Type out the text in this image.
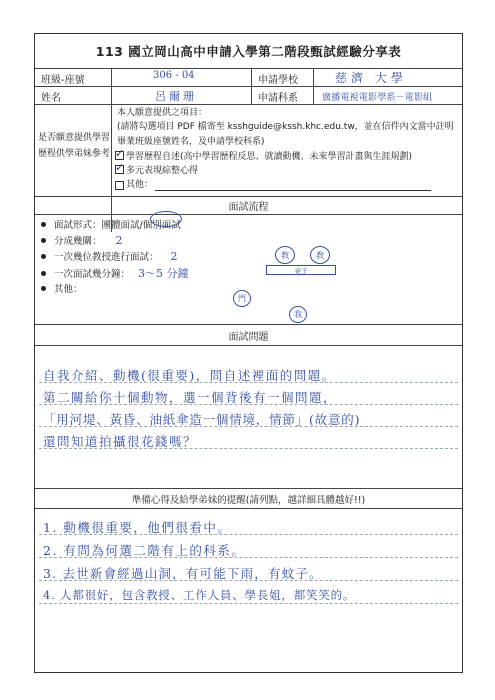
113 國立岡山高中申請入學第二階段甄試經驗分享表
班級-座號	306 - 04	申請學校	慈濟 大學
姓名	呂爾珊	申請科系	廣播電視電影學系－電影組
是否願意提供學習歷程供學弟妹參考
本人願意提供之項目：
(請將勾選項目 PDF 檔寄至 ksshguide@kssh.khc.edu.tw，並在信件內文當中註明畢業班級座號姓名，及申請學校科系)
✓學習歷程自述(高中學習歷程反思、就讀動機、未來學習計畫與生涯規劃)
✓多元表現綜整心得
其他：
面試流程
面試形式： 團體面試/個別面試
分成幾關： 2
一次幾位教授進行面試： 2
一次面試幾分鐘： 3～5 分鐘
其他：
教	教
桌子
門
我
面試問題
自我介紹、動機(很重要)，問自述裡面的問題。
第二關給你十個動物，選一個背後有一個問題，
「用河堤、黃昏、油紙傘造一個情境，情節」(故意的)
還問知道拍攝很花錢嗎？
準備心得及給學弟妹的提醒(請列點，越詳細具體越好!!)
1. 動機很重要，他們很看中。
2. 有問為何選二階有上的科系。
3. 去世新會經過山洞，有可能下雨，有蚊子。
4. 人都很好，包含教授、工作人員、學長姐，都笑笑的。
